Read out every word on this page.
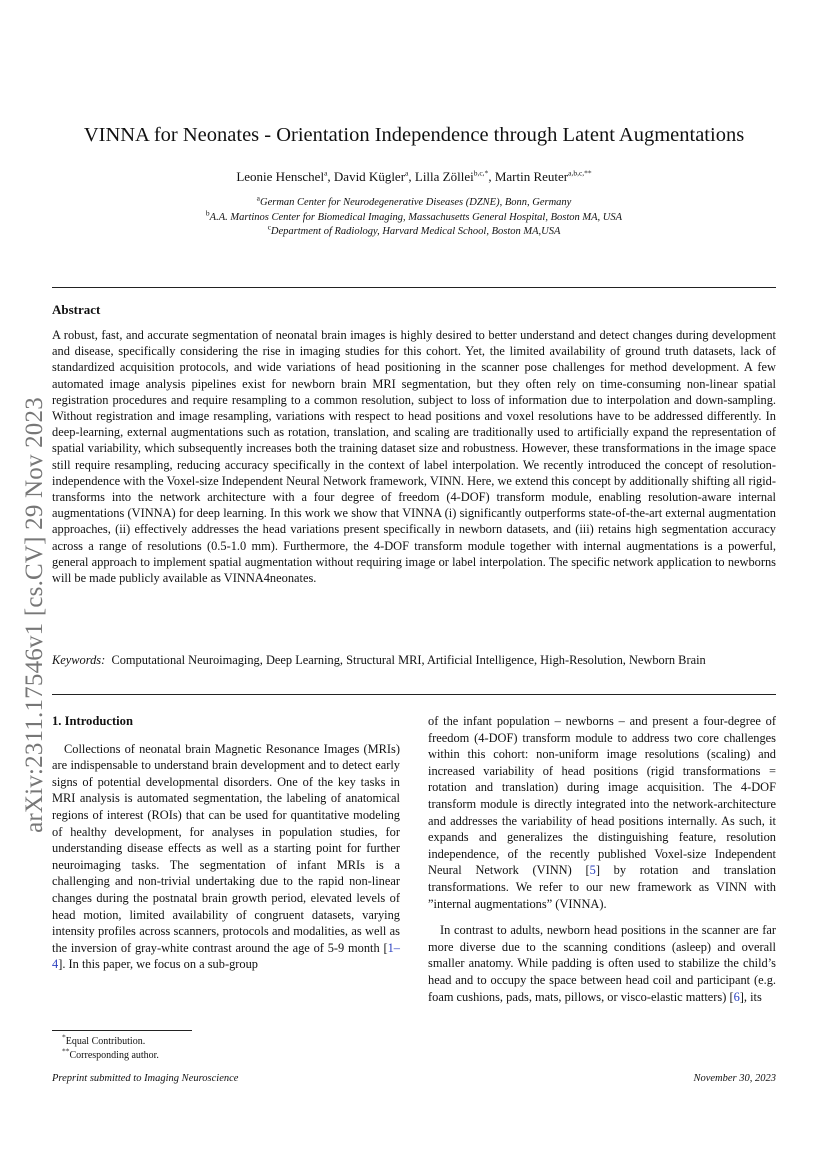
arXiv:2311.17546v1 [cs.CV] 29 Nov 2023
VINNA for Neonates - Orientation Independence through Latent Augmentations
Leonie Henschel$^a$, David Kügler$^a$, Lilla Zöllei$^{b,c,*}$, Martin Reuter$^{a,b,c,**}$
$^a$German Center for Neurodegenerative Diseases (DZNE), Bonn, Germany
$^b$A.A. Martinos Center for Biomedical Imaging, Massachusetts General Hospital, Boston MA, USA
$^c$Department of Radiology, Harvard Medical School, Boston MA,USA
Abstract

A robust, fast, and accurate segmentation of neonatal brain images is highly desired to better understand and detect changes during development and disease, specifically considering the rise in imaging studies for this cohort. Yet, the limited availability of ground truth datasets, lack of standardized acquisition protocols, and wide variations of head positioning in the scanner pose challenges for method development. A few automated image analysis pipelines exist for newborn brain MRI segmentation, but they often rely on time-consuming non-linear spatial registration procedures and require resampling to a common resolution, subject to loss of information due to interpolation and down-sampling. Without registration and image resampling, variations with respect to head positions and voxel resolutions have to be addressed differently. In deep-learning, external augmentations such as rotation, translation, and scaling are traditionally used to artificially expand the representation of spatial variability, which subsequently increases both the training dataset size and robustness. However, these transformations in the image space still require resampling, reducing accuracy specifically in the context of label interpolation. We recently introduced the concept of resolution-independence with the Voxel-size Independent Neural Network framework, VINN. Here, we extend this concept by additionally shifting all rigid-transforms into the network architecture with a four degree of freedom (4-DOF) transform module, enabling resolution-aware internal augmentations (VINNA) for deep learning. In this work we show that VINNA (i) significantly outperforms state-of-the-art external augmentation approaches, (ii) effectively addresses the head variations present specifically in newborn datasets, and (iii) retains high segmentation accuracy across a range of resolutions (0.5-1.0 mm). Furthermore, the 4-DOF transform module together with internal augmentations is a powerful, general approach to implement spatial augmentation without requiring image or label interpolation. The specific network application to newborns will be made publicly available as VINNA4neonates.

Keywords: Computational Neuroimaging, Deep Learning, Structural MRI, Artificial Intelligence, High-Resolution, Newborn Brain

1. Introduction

Collections of neonatal brain Magnetic Resonance Images (MRIs) are indispensable to understand brain development and to detect early signs of potential developmental disorders. One of the key tasks in MRI analysis is automated segmentation, the labeling of anatomical regions of interest (ROIs) that can be used for quantitative modeling of healthy development, for analyses in population studies, for understanding disease effects as well as a starting point for further neuroimaging tasks. The segmentation of infant MRIs is a challenging and non-trivial undertaking due to the rapid non-linear changes during the postnatal brain growth period, elevated levels of head motion, limited availability of congruent datasets, varying intensity profiles across scanners, protocols and modalities, as well as the inversion of gray-white contrast around the age of 5-9 month [1–4]. In this paper, we focus on a sub-group

of the infant population – newborns – and present a four-degree of freedom (4-DOF) transform module to address two core challenges within this cohort: non-uniform image resolutions (scaling) and increased variability of head positions (rigid transformations = rotation and translation) during image acquisition. The 4-DOF transform module is directly integrated into the network-architecture and addresses the variability of head positions internally. As such, it expands and generalizes the distinguishing feature, resolution independence, of the recently published Voxel-size Independent Neural Network (VINN) [5] by rotation and translation transformations. We refer to our new framework as VINN with ”internal augmentations” (VINNA).

In contrast to adults, newborn head positions in the scanner are far more diverse due to the scanning conditions (asleep) and overall smaller anatomy. While padding is often used to stabilize the child’s head and to occupy the space between head coil and participant (e.g. foam cushions, pads, mats, pillows, or visco-elastic matters) [6], its

*Equal Contribution.
**Corresponding author.
Preprint submitted to Imaging Neuroscience	November 30, 2023
